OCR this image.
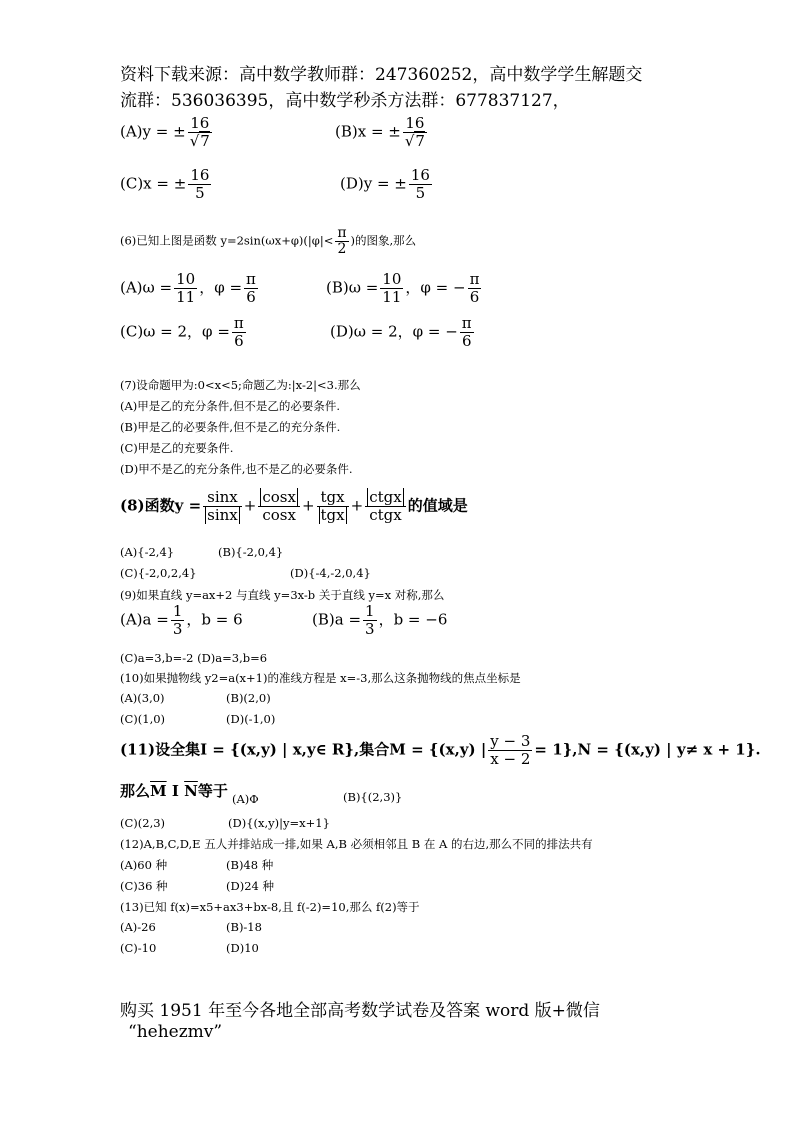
资料下载来源：高中数学教师群：247360252，高中数学学生解题交
流群：536036395，高中数学秒杀方法群：677837127，
(A)y = ± $\frac{16}{√7}$	(B)x = ± $\frac{16}{√7}$
(C)x = ± $\frac{16}{5}$	(D)y = ± $\frac{16}{5}$
(6)已知上图是函数 $y=2\sin(\omega x+\varphi)(|\varphi|< \frac{\pi}{2}$ )的图象,那么
$(A)\omega = \frac{10}{11}$ ，$\varphi = \frac{\pi}{6}$	$(B)\omega = \frac{10}{11}$ ，φ = − $\frac{\pi}{6}$
(C)ω = 2，$\varphi = \frac{\pi}{6}$	(D)ω = 2，φ = − $\frac{\pi}{6}$
(7)设命题甲为:0<x<5;命题乙为:|x-2|<3.那么
(A)甲是乙的充分条件,但不是乙的必要条件.
(B)甲是乙的必要条件,但不是乙的充分条件.
(C)甲是乙的充要条件.
(D)甲不是乙的充分条件,也不是乙的必要条件.
(8)函数$y = \frac{\sin x}{\sin x} + \frac{\cos x}{\cos x} + \frac{\text{tgx}}{\text{tgx}} + \frac{\text{ctgx}}{\text{ctgx}}$ 的值域是
(A){-2,4}	(B){-2,0,4}
(C){-2,0,2,4}	(D){-4,-2,0,4}
(9)如果直线 y=ax+2 与直线 y=3x-b 关于直线 y=x 对称,那么
$(A)a = \frac{1}{3}$ ，b = 6	$(B)a = \frac{1}{3}$ ，b = −6
(C)a=3,b=-2 (D)a=3,b=6
(10)如果抛物线 y2=a(x+1)的准线方程是 x=-3,那么这条抛物线的焦点坐标是
(A)(3,0)	(B)(2,0)
(C)(1,0)	(D)(-1,0)
(11)设全集I = {(x,y) | x,y∈ R},集合M = {(x,y) | $\frac{y - 3}{x - 2} = 1\},N = \{(x,y)$ | y≠ x + 1}.
那么$\overline{M}$ I $\overline{N}$等于 (A)Φ	(B){(2,3)}
(C)(2,3)	(D){(x,y)|y=x+1}
(12)A,B,C,D,E 五人并排站成一排,如果 A,B 必须相邻且 B 在 A 的右边,那么不同的排法共有
(A)60 种	(B)48 种
(C)36 种	(D)24 种
(13)已知 f(x)=x5+ax3+bx-8,且 f(-2)=10,那么 f(2)等于
(A)-26	(B)-18
(C)-10	(D)10
购买 1951 年至今各地全部高考数学试卷及答案 word 版+微信
“hehezmv”
